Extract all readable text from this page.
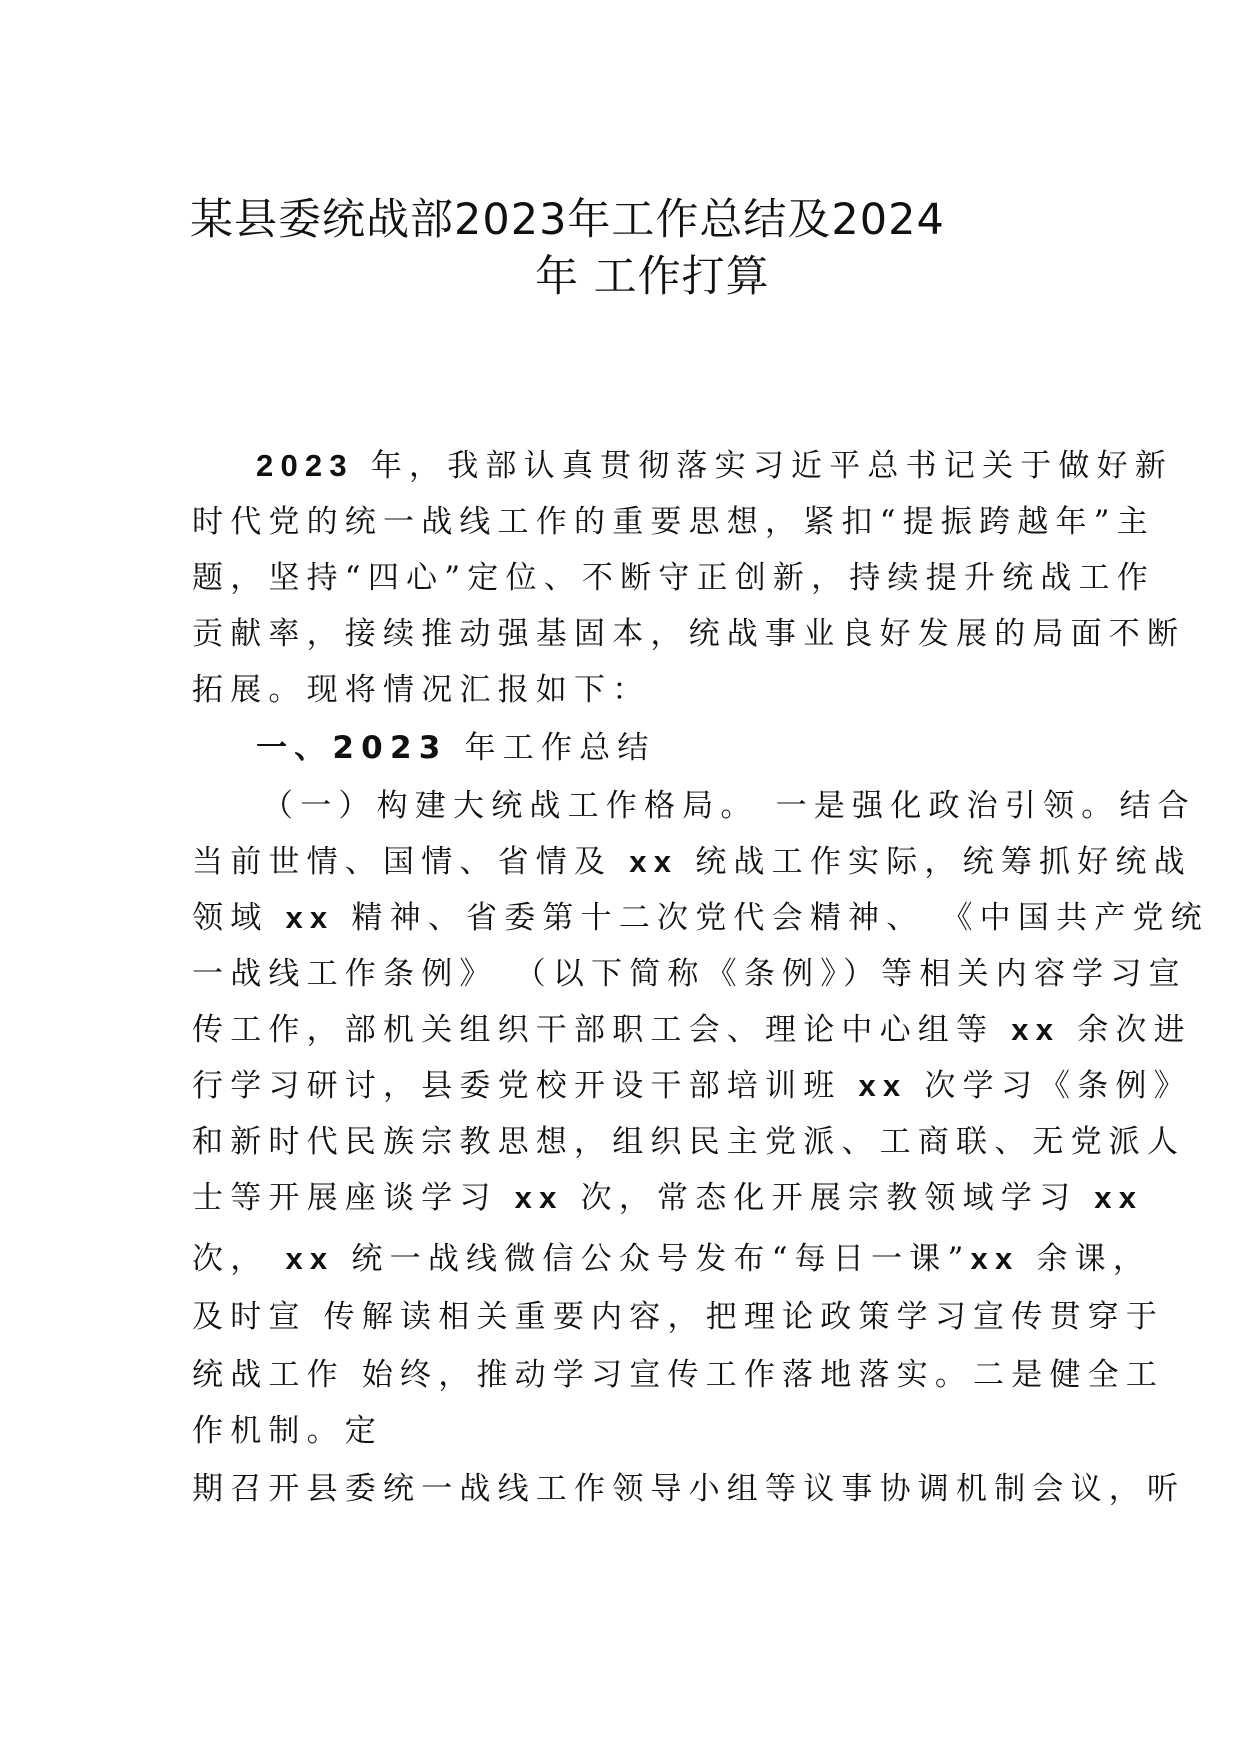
某县委统战部2023年工作总结及2024
年 工作打算
2023 年，我部认真贯彻落实习近平总书记关于做好新
时代党的统一战线工作的重要思想，紧扣“提振跨越年”主
题，坚持“四心”定位、不断守正创新，持续提升统战工作
贡献率，接续推动强基固本，统战事业良好发展的局面不断
拓展。现将情况汇报如下：
一、2023 年工作总结
（一）构建大统战工作格局。 一是强化政治引领。结合
当前世情、国情、省情及 xx 统战工作实际，统筹抓好统战
领域 xx 精神、省委第十二次党代会精神、 《中国共产党统
一战线工作条例》 （以下简称《条例》）等相关内容学习宣
传工作，部机关组织干部职工会、理论中心组等 xx 余次进
行学习研讨，县委党校开设干部培训班 xx 次学习《条例》
和新时代民族宗教思想，组织民主党派、工商联、无党派人
士等开展座谈学习 xx 次，常态化开展宗教领域学习 xx
次， xx 统一战线微信公众号发布“每日一课”xx 余课，
及时宣 传解读相关重要内容，把理论政策学习宣传贯穿于
统战工作 始终，推动学习宣传工作落地落实。二是健全工
作机制。定
期召开县委统一战线工作领导小组等议事协调机制会议，听
